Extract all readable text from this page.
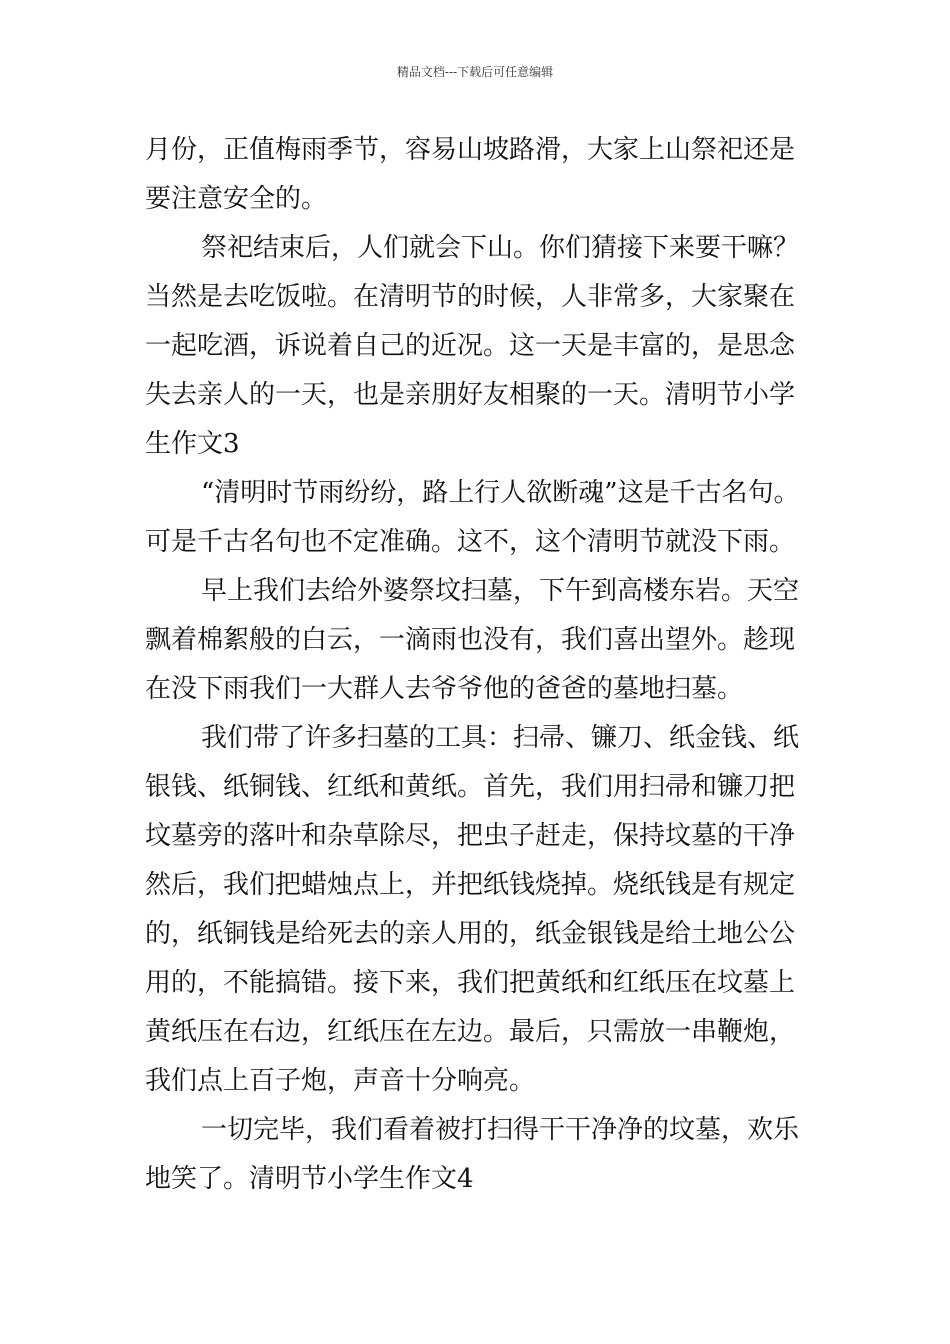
精品文档---下载后可任意编辑
月份，正值梅雨季节，容易山坡路滑，大家上山祭祀还是
要注意安全的。
祭祀结束后，人们就会下山。你们猜接下来要干嘛？
当然是去吃饭啦。在清明节的时候，人非常多，大家聚在
一起吃酒，诉说着自己的近况。这一天是丰富的，是思念
失去亲人的一天，也是亲朋好友相聚的一天。清明节小学
生作文3
“清明时节雨纷纷，路上行人欲断魂”这是千古名句。
可是千古名句也不定准确。这不，这个清明节就没下雨。
早上我们去给外婆祭坟扫墓，下午到高楼东岩。天空
飘着棉絮般的白云，一滴雨也没有，我们喜出望外。趁现
在没下雨我们一大群人去爷爷他的爸爸的墓地扫墓。
我们带了许多扫墓的工具：扫帚、镰刀、纸金钱、纸
银钱、纸铜钱、红纸和黄纸。首先，我们用扫帚和镰刀把
坟墓旁的落叶和杂草除尽，把虫子赶走，保持坟墓的干净
然后，我们把蜡烛点上，并把纸钱烧掉。烧纸钱是有规定
的，纸铜钱是给死去的亲人用的，纸金银钱是给土地公公
用的，不能搞错。接下来，我们把黄纸和红纸压在坟墓上
黄纸压在右边，红纸压在左边。最后，只需放一串鞭炮，
我们点上百子炮，声音十分响亮。
一切完毕，我们看着被打扫得干干净净的坟墓，欢乐
地笑了。清明节小学生作文4
